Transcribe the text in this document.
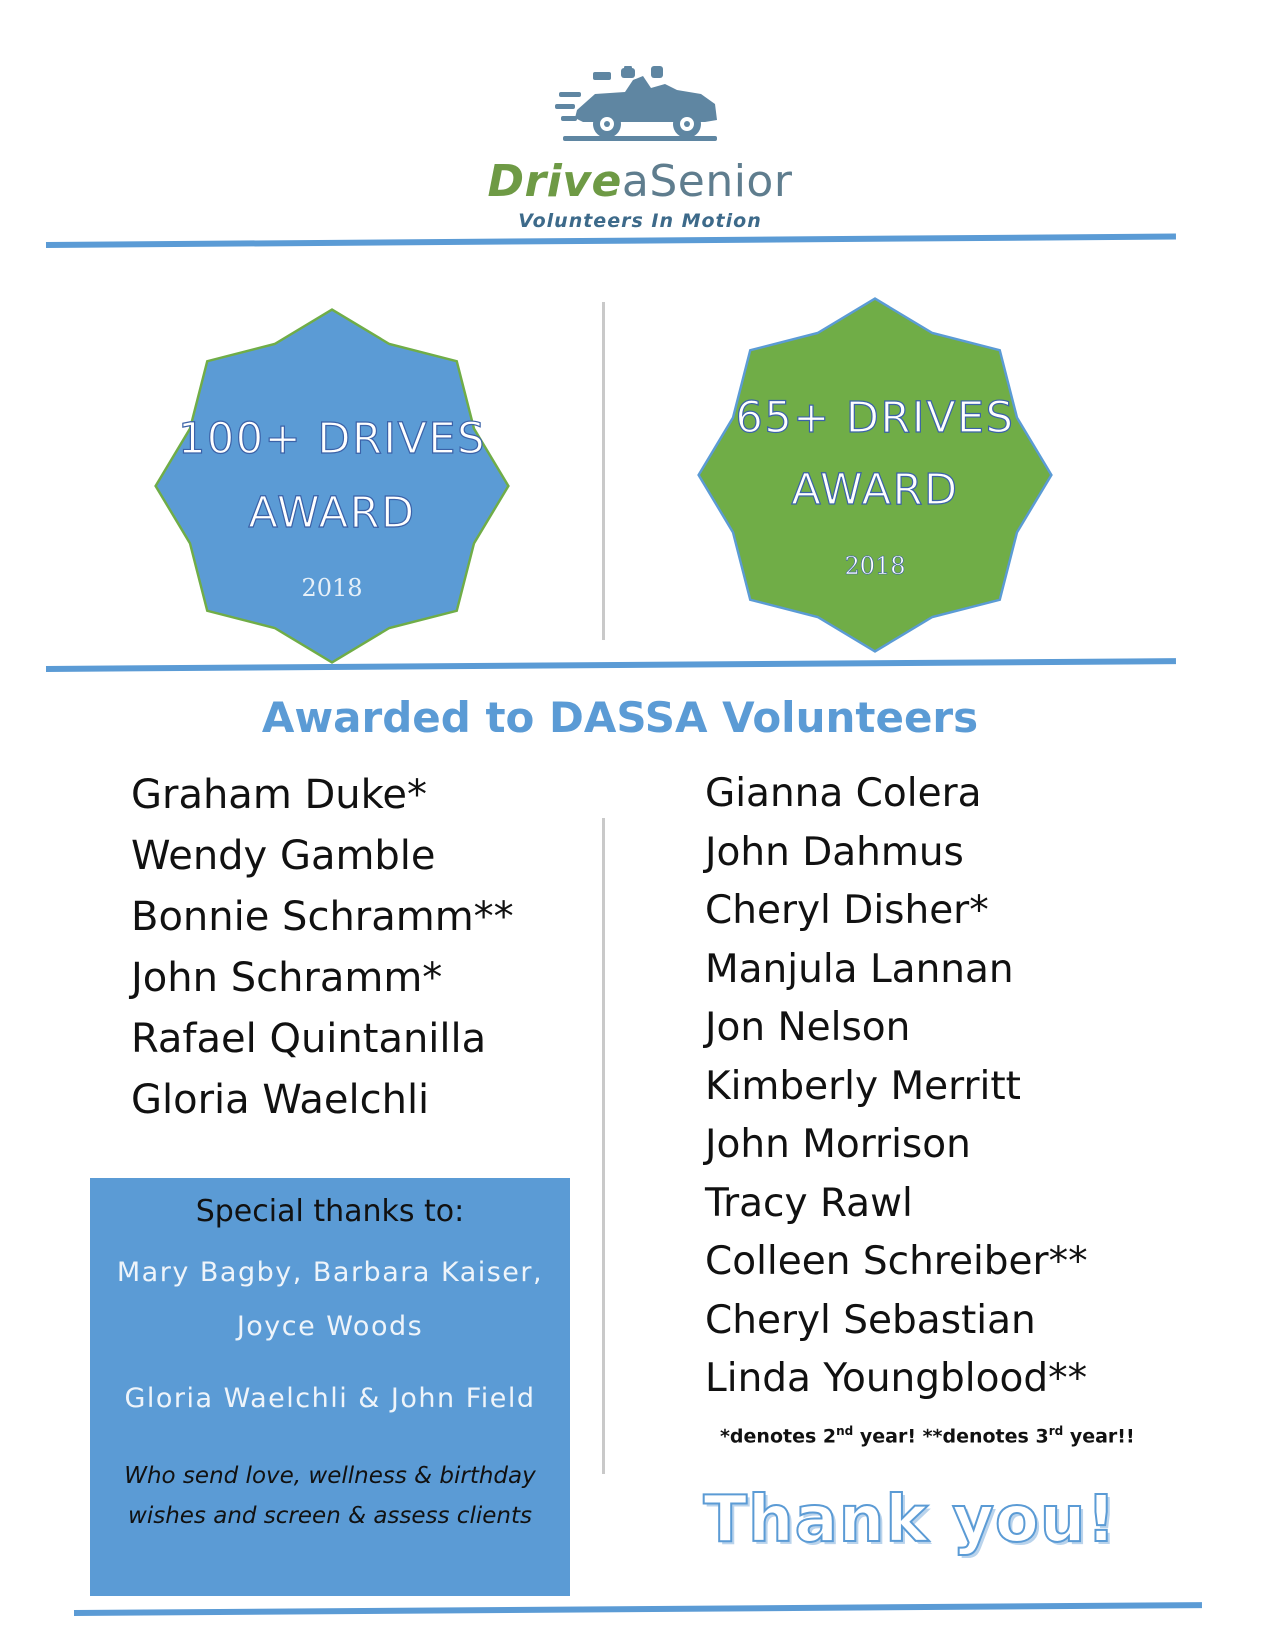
DriveaSenior
Volunteers In Motion
100+ DRIVES
AWARD
2018
65+ DRIVES
AWARD
2018
Awarded to DASSA Volunteers
Graham Duke*
Wendy Gamble
Bonnie Schramm**
John Schramm*
Rafael Quintanilla
Gloria Waelchli
Gianna Colera
John Dahmus
Cheryl Disher*
Manjula Lannan
Jon Nelson
Kimberly Merritt
John Morrison
Tracy Rawl
Colleen Schreiber**
Cheryl Sebastian
Linda Youngblood**
Special thanks to:
Mary Bagby, Barbara Kaiser,
Joyce Woods
Gloria Waelchli & John Field
Who send love, wellness & birthday
wishes and screen & assess clients
*denotes 2nd year! **denotes 3rd year!!
Thank you!
